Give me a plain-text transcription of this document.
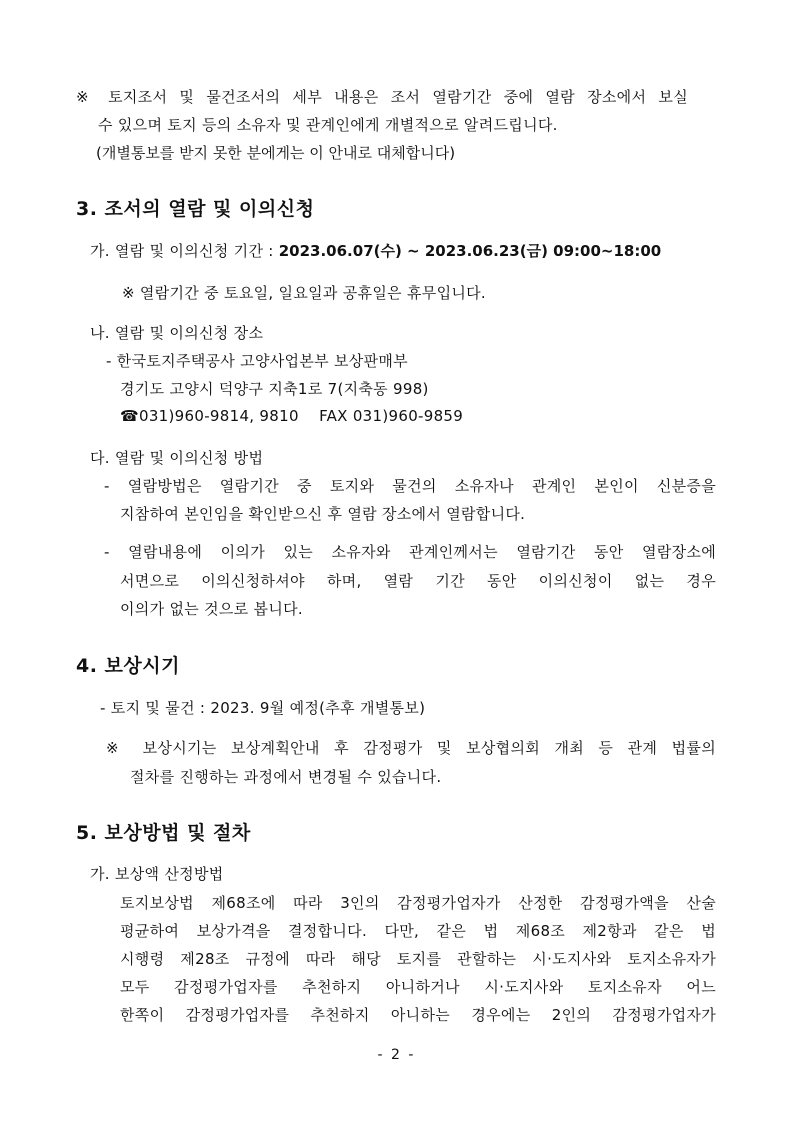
※ 토지조서 및 물건조서의 세부 내용은 조서 열람기간 중에 열람 장소에서 보실
수 있으며 토지 등의 소유자 및 관계인에게 개별적으로 알려드립니다.
(개별통보를 받지 못한 분에게는 이 안내로 대체합니다)
3. 조서의 열람 및 이의신청
가. 열람 및 이의신청 기간 : 2023.06.07(수) ~ 2023.06.23(금) 09:00~18:00
※ 열람기간 중 토요일, 일요일과 공휴일은 휴무입니다.
나. 열람 및 이의신청 장소
- 한국토지주택공사 고양사업본부 보상판매부
경기도 고양시 덕양구 지축1로 7(지축동 998)
☎031)960-9814, 9810    FAX 031)960-9859
다. 열람 및 이의신청 방법
- 열람방법은 열람기간 중 토지와 물건의 소유자나 관계인 본인이 신분증을
지참하여 본인임을 확인받으신 후 열람 장소에서 열람합니다.
- 열람내용에 이의가 있는 소유자와 관계인께서는 열람기간 동안 열람장소에
서면으로 이의신청하셔야 하며, 열람 기간 동안 이의신청이 없는 경우
이의가 없는 것으로 봅니다.
4. 보상시기
- 토지 및 물건 : 2023. 9월 예정(추후 개별통보)
※ 보상시기는 보상계획안내 후 감정평가 및 보상협의회 개최 등 관계 법률의
절차를 진행하는 과정에서 변경될 수 있습니다.
5. 보상방법 및 절차
가. 보상액 산정방법
토지보상법 제68조에 따라 3인의 감정평가업자가 산정한 감정평가액을 산술
평균하여 보상가격을 결정합니다. 다만, 같은 법 제68조 제2항과 같은 법
시행령 제28조 규정에 따라 해당 토지를 관할하는 시·도지사와 토지소유자가
모두 감정평가업자를 추천하지 아니하거나 시·도지사와 토지소유자 어느
한쪽이 감정평가업자를 추천하지 아니하는 경우에는 2인의 감정평가업자가
- 2 -
